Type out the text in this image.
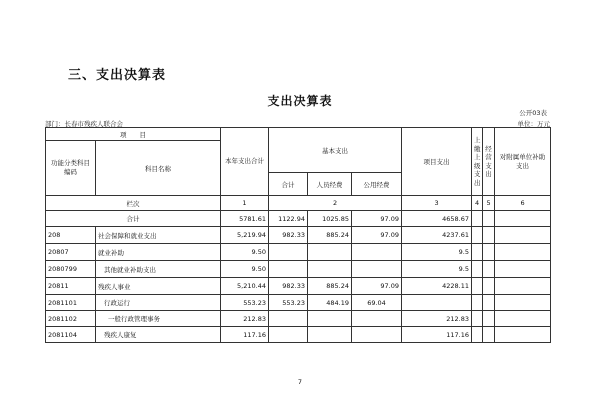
三、支出决算表
支出决算表
公开03表
部门：长春市残疾人联合会	单位：万元
项　　目		本年支出合计	基本支出			项目支出	上缴上级支出	经营支出	对附属单位补助支出
功能分类科目编码	科目名称								
			合计	人员经费	公用经费				
栏次		1	2			3	4	5	6
合计		5781.61	1122.94	1025.85	97.09	4658.67			
208	社会保障和就业支出	5,219.94	982.33	885.24	97.09	4237.61			
20807	就业补助	9.50				9.5			
2080799	其他就业补助支出	9.50				9.5			
20811	残疾人事业	5,210.44	982.33	885.24	97.09	4228.11			
2081101	行政运行	553.23	553.23	484.19	69.04				
2081102	一般行政管理事务	212.83				212.83			
2081104	残疾人康复	117.16				117.16			
7
